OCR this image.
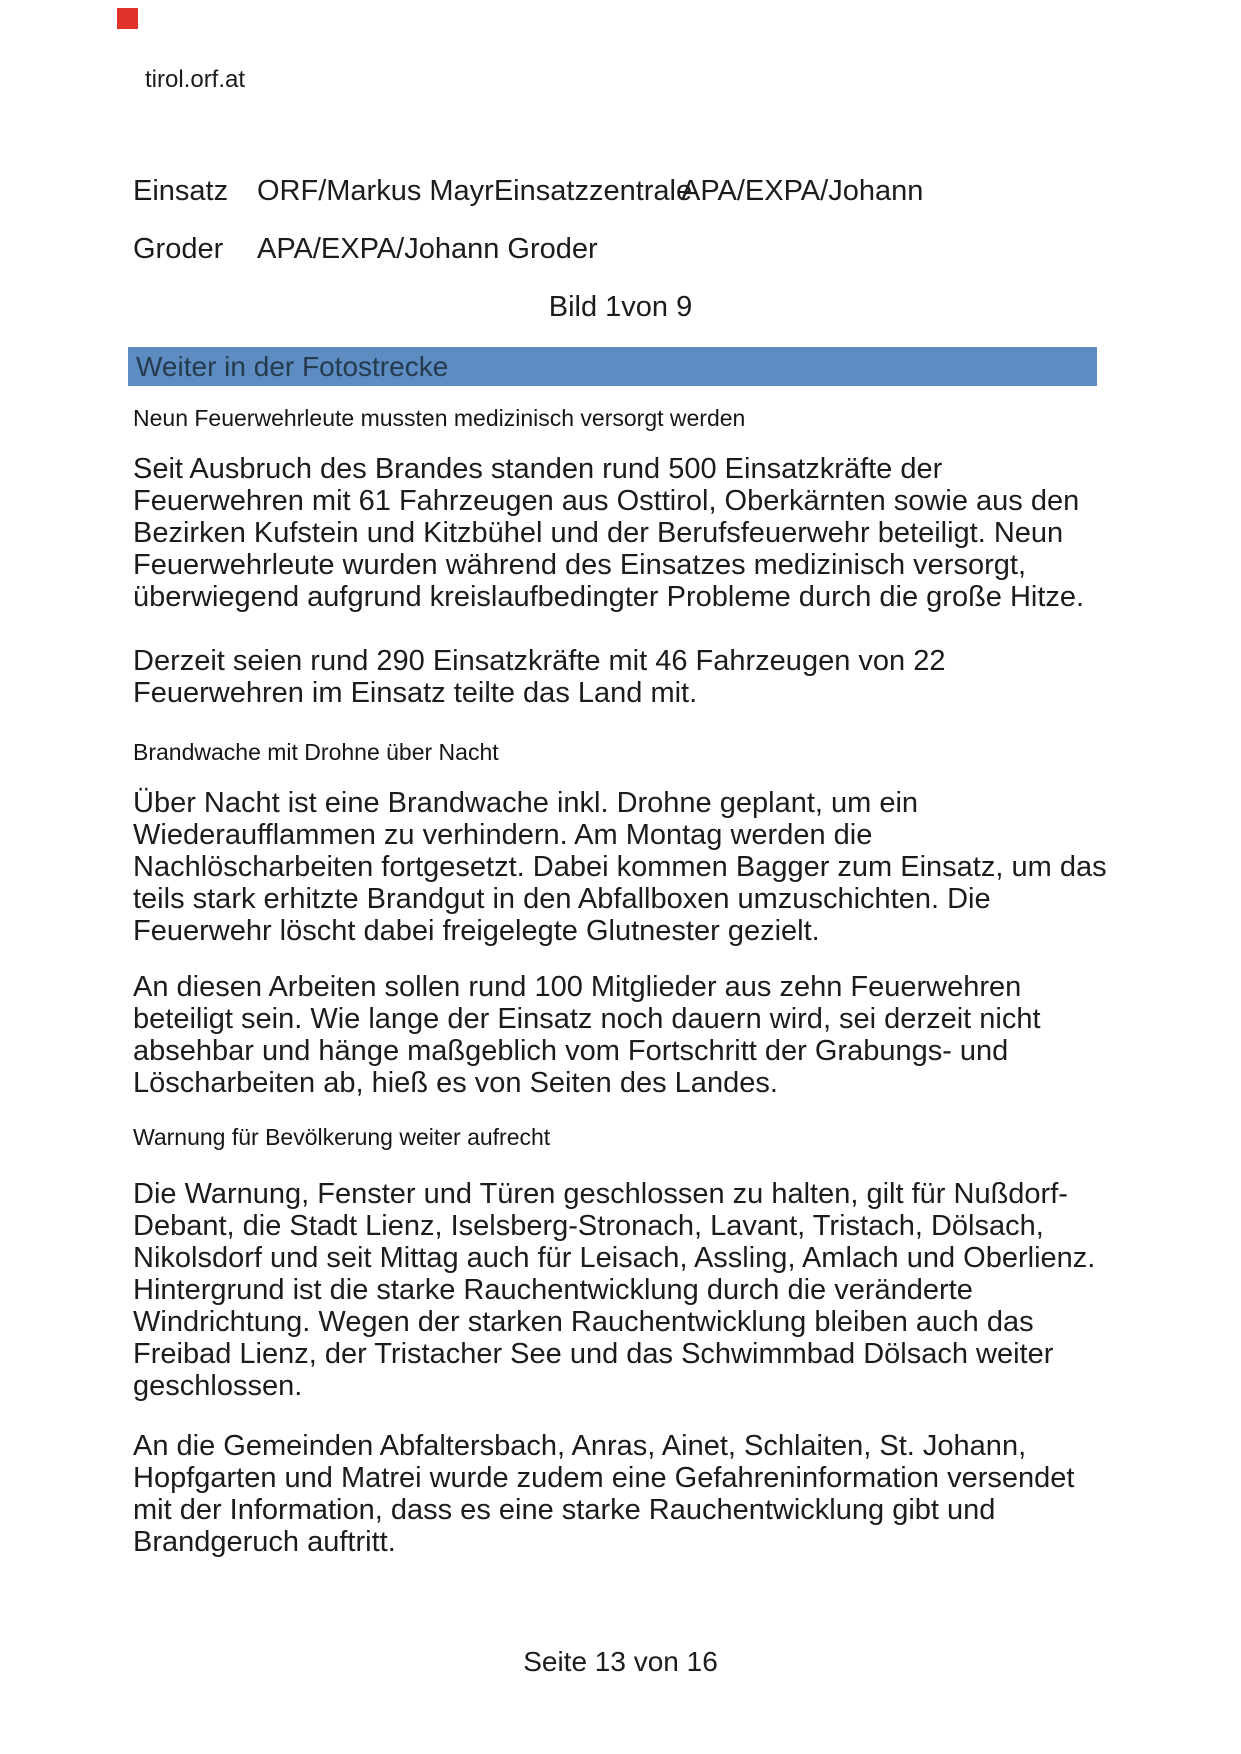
tirol.orf.at
Einsatz ORF/Markus MayrEinsatzzentrale
APA/EXPA/Johann
Groder APA/EXPA/Johann Groder
Bild 1von 9
Weiter in der Fotostrecke
Neun Feuerwehrleute mussten medizinisch versorgt werden
Seit Ausbruch des Brandes standen rund 500 Einsatzkräfte der
Feuerwehren mit 61 Fahrzeugen aus Osttirol, Oberkärnten sowie aus den
Bezirken Kufstein und Kitzbühel und der Berufsfeuerwehr beteiligt. Neun
Feuerwehrleute wurden während des Einsatzes medizinisch versorgt,
überwiegend aufgrund kreislaufbedingter Probleme durch die große Hitze.
Derzeit seien rund 290 Einsatzkräfte mit 46 Fahrzeugen von 22
Feuerwehren im Einsatz teilte das Land mit.
Brandwache mit Drohne über Nacht
Über Nacht ist eine Brandwache inkl. Drohne geplant, um ein
Wiederaufflammen zu verhindern. Am Montag werden die
Nachlöscharbeiten fortgesetzt. Dabei kommen Bagger zum Einsatz, um das
teils stark erhitzte Brandgut in den Abfallboxen umzuschichten. Die
Feuerwehr löscht dabei freigelegte Glutnester gezielt.
An diesen Arbeiten sollen rund 100 Mitglieder aus zehn Feuerwehren
beteiligt sein. Wie lange der Einsatz noch dauern wird, sei derzeit nicht
absehbar und hänge maßgeblich vom Fortschritt der Grabungs- und
Löscharbeiten ab, hieß es von Seiten des Landes.
Warnung für Bevölkerung weiter aufrecht
Die Warnung, Fenster und Türen geschlossen zu halten, gilt für Nußdorf-
Debant, die Stadt Lienz, Iselsberg-Stronach, Lavant, Tristach, Dölsach,
Nikolsdorf und seit Mittag auch für Leisach, Assling, Amlach und Oberlienz.
Hintergrund ist die starke Rauchentwicklung durch die veränderte
Windrichtung. Wegen der starken Rauchentwicklung bleiben auch das
Freibad Lienz, der Tristacher See und das Schwimmbad Dölsach weiter
geschlossen.
An die Gemeinden Abfaltersbach, Anras, Ainet, Schlaiten, St. Johann,
Hopfgarten und Matrei wurde zudem eine Gefahreninformation versendet
mit der Information, dass es eine starke Rauchentwicklung gibt und
Brandgeruch auftritt.
Seite 13 von 16
